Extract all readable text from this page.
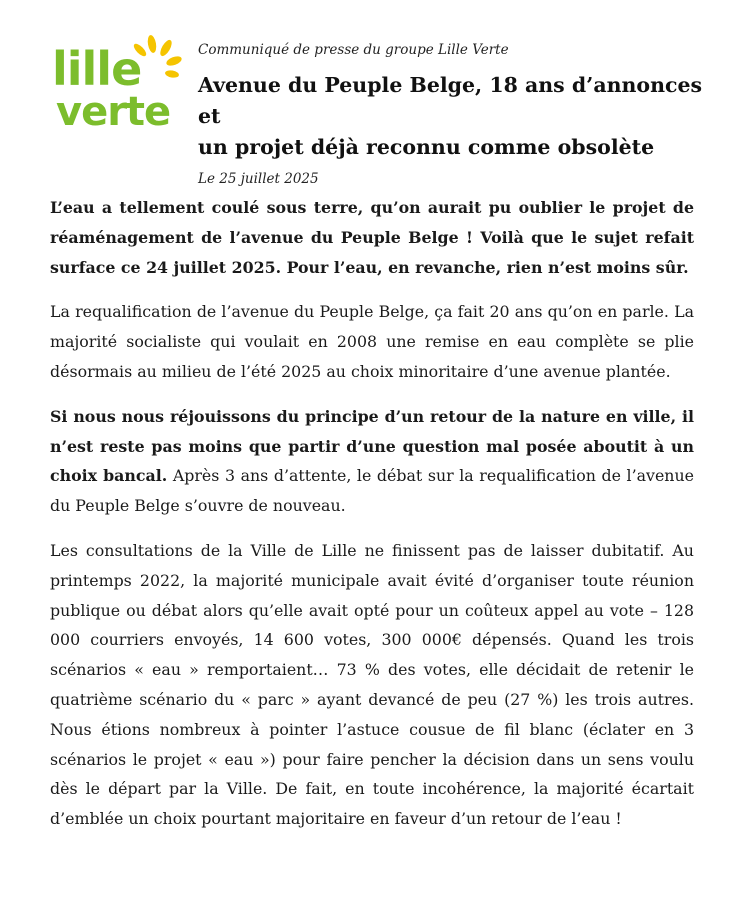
lille
verte

Communiqué de presse du groupe Lille Verte

Avenue du Peuple Belge, 18 ans d’annonces et
un projet déjà reconnu comme obsolète

Le 25 juillet 2025

L’eau a tellement coulé sous terre, qu’on aurait pu oublier le projet de réaménagement de l’avenue du Peuple Belge ! Voilà que le sujet refait surface ce 24 juillet 2025. Pour l’eau, en revanche, rien n’est moins sûr.

La requalification de l’avenue du Peuple Belge, ça fait 20 ans qu’on en parle. La majorité socialiste qui voulait en 2008 une remise en eau complète se plie désormais au milieu de l’été 2025 au choix minoritaire d’une avenue plantée.

Si nous nous réjouissons du principe d’un retour de la nature en ville, il n’est reste pas moins que partir d’une question mal posée aboutit à un choix bancal. Après 3 ans d’attente, le débat sur la requalification de l’avenue du Peuple Belge s’ouvre de nouveau.

Les consultations de la Ville de Lille ne finissent pas de laisser dubitatif. Au printemps 2022, la majorité municipale avait évité d’organiser toute réunion publique ou débat alors qu’elle avait opté pour un coûteux appel au vote – 128 000 courriers envoyés, 14 600 votes, 300 000€ dépensés. Quand les trois scénarios « eau » remportaient… 73 % des votes, elle décidait de retenir le quatrième scénario du « parc » ayant devancé de peu (27 %) les trois autres. Nous étions nombreux à pointer l’astuce cousue de fil blanc (éclater en 3 scénarios le projet « eau ») pour faire pencher la décision dans un sens voulu dès le départ par la Ville. De fait, en toute incohérence, la majorité écartait d’emblée un choix pourtant majoritaire en faveur d’un retour de l’eau !
